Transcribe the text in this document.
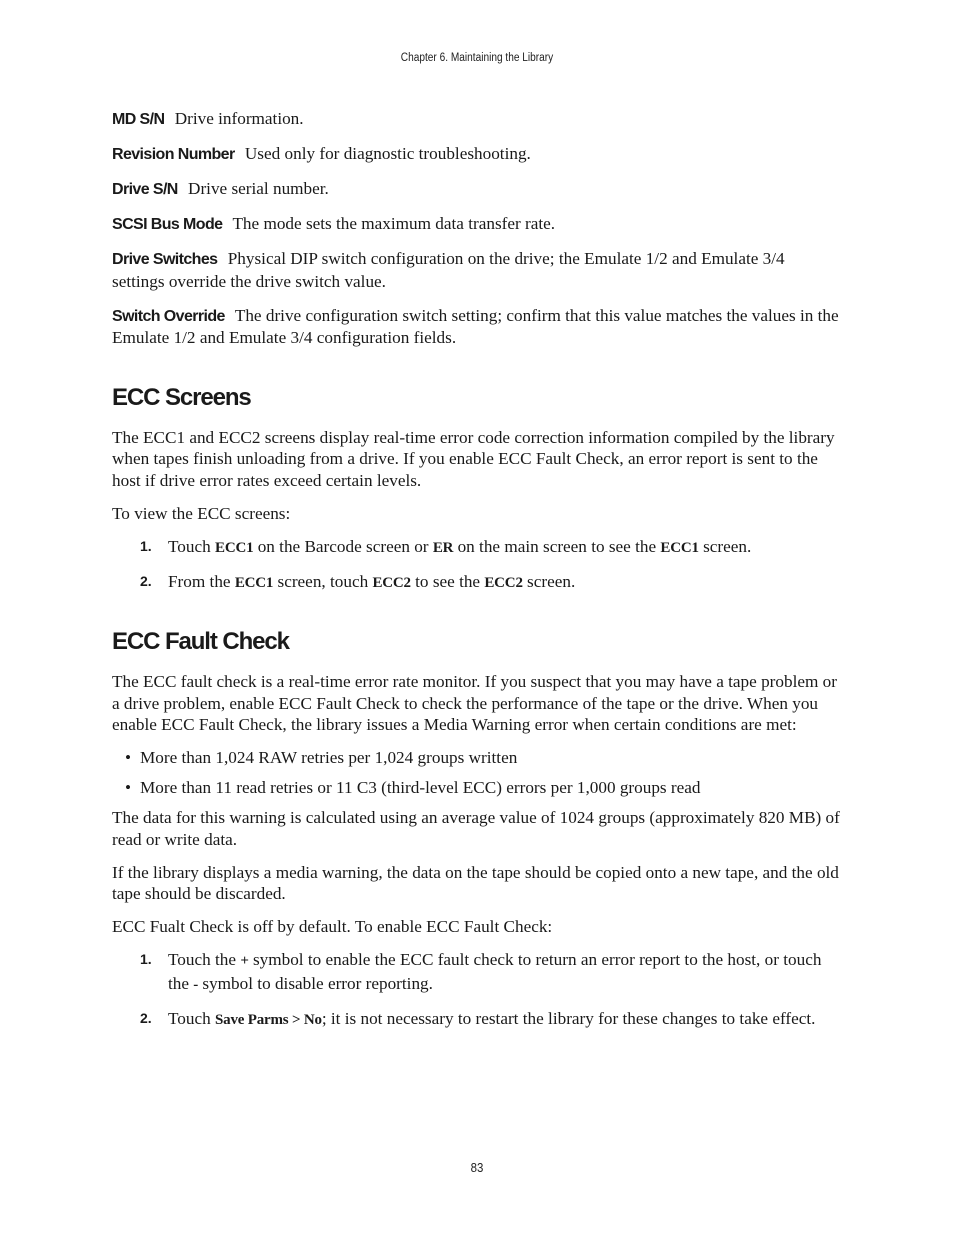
Chapter 6. Maintaining the Library

MD S/N Drive information.

Revision Number Used only for diagnostic troubleshooting.

Drive S/N Drive serial number.

SCSI Bus Mode The mode sets the maximum data transfer rate.

Drive Switches Physical DIP switch configuration on the drive; the Emulate 1/2 and Emulate 3/4 settings override the drive switch value.

Switch Override The drive configuration switch setting; confirm that this value matches the values in the Emulate 1/2 and Emulate 3/4 configuration fields.

ECC Screens

The ECC1 and ECC2 screens display real-time error code correction information compiled by the library when tapes finish unloading from a drive. If you enable ECC Fault Check, an error report is sent to the host if drive error rates exceed certain levels.

To view the ECC screens:

1. Touch ECC1 on the Barcode screen or ER on the main screen to see the ECC1 screen.
2. From the ECC1 screen, touch ECC2 to see the ECC2 screen.
ECC Fault Check

The ECC fault check is a real-time error rate monitor. If you suspect that you may have a tape problem or a drive problem, enable ECC Fault Check to check the performance of the tape or the drive. When you enable ECC Fault Check, the library issues a Media Warning error when certain conditions are met:

• More than 1,024 RAW retries per 1,024 groups written
• More than 11 read retries or 11 C3 (third-level ECC) errors per 1,000 groups read

The data for this warning is calculated using an average value of 1024 groups (approximately 820 MB) of read or write data.

If the library displays a media warning, the data on the tape should be copied onto a new tape, and the old tape should be discarded.

ECC Fualt Check is off by default. To enable ECC Fault Check:

1. Touch the + symbol to enable the ECC fault check to return an error report to the host, or touch the - symbol to disable error reporting.
2. Touch Save Parms > No; it is not necessary to restart the library for these changes to take effect.
83
